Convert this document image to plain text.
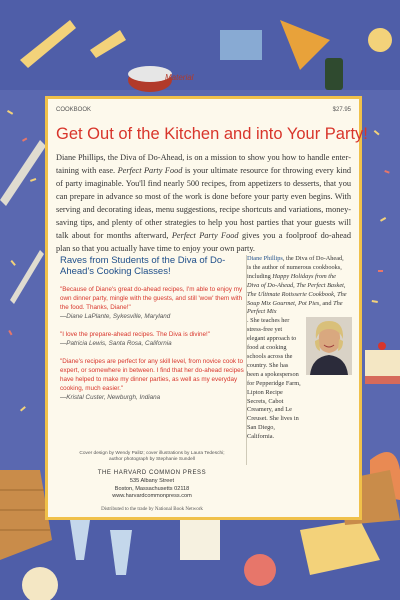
Material
COOKBOOK	$27.95
Get Out of the Kitchen and into Your Party!
Diane Phillips, the Diva of Do-Ahead, is on a mission to show you how to handle entertaining with ease. Perfect Party Food is your ultimate resource for throwing every kind of party imaginable. You'll find nearly 500 recipes, from appetizers to desserts, that you can prepare in advance so most of the work is done before your party even begins. With serving and decorating ideas, menu suggestions, recipe shortcuts and variations, money-saving tips, and plenty of other strategies to help you host parties that your guests will talk about for months afterward, Perfect Party Food gives you a foolproof do-ahead plan so that you actually have time to enjoy your own party.
Raves from Students of the Diva of Do-Ahead's Cooking Classes!
"Because of Diane's great do-ahead recipes, I'm able to enjoy my own dinner party, mingle with the guests, and still 'wow' them with the food. Thanks, Diane!"
—Diane LaPlante, Sykesville, Maryland
"I love the prepare-ahead recipes. The Diva is divine!"
—Patricia Lewis, Santa Rosa, California
"Diane's recipes are perfect for any skill level, from novice cook to expert, or somewhere in between. I find that her do-ahead recipes have helped to make my dinner parties, as well as my everyday cooking, much easier."
—Kristal Custer, Newburgh, Indiana
Diane Phillips, the Diva of Do-Ahead, is the author of numerous cookbooks, including Happy Holidays from the Diva of Do-Ahead, The Perfect Basket, The Ultimate Rotisserie Cookbook, The Soup Mix Gourmet, Pot Pies, and The Perfect Mix
. She teaches her stress-free yet elegant approach to food at cooking schools across the country. She has been a spokesperson for Pepperidge Farm, Lipton Recipe Secrets, Cabot Creamery, and Le Creuset. She lives in San Diego, California.
Cover design by Wendy Palitz; cover illustrations by Laura Tedeschi;
author photograph by Stephanie Sundell
THE HARVARD COMMON PRESS
535 Albany Street
Boston, Massachusetts 02118
www.harvardcommonpress.com
Distributed to the trade by National Book Network
